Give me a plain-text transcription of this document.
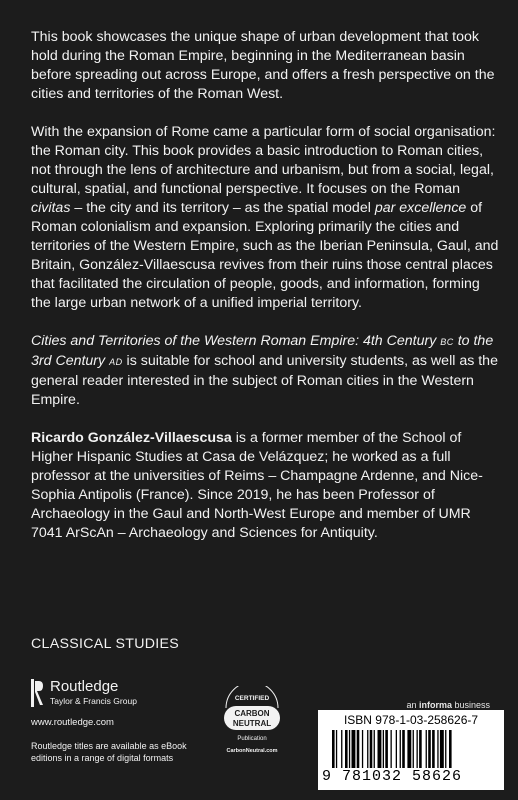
This book showcases the unique shape of urban development that took hold during the Roman Empire, beginning in the Mediterranean basin before spreading out across Europe, and offers a fresh perspective on the cities and territories of the Roman West.

With the expansion of Rome came a particular form of social organisation: the Roman city. This book provides a basic introduction to Roman cities, not through the lens of architecture and urbanism, but from a social, legal, cultural, spatial, and functional perspective. It focuses on the Roman civitas – the city and its territory – as the spatial model par excellence of Roman colonialism and expansion. Exploring primarily the cities and territories of the Western Empire, such as the Iberian Peninsula, Gaul, and Britain, González-Villaescusa revives from their ruins those central places that facilitated the circulation of people, goods, and information, forming the large urban network of a unified imperial territory.

Cities and Territories of the Western Roman Empire: 4th Century BC to the 3rd Century AD is suitable for school and university students, as well as the general reader interested in the subject of Roman cities in the Western Empire.

Ricardo González-Villaescusa is a former member of the School of Higher Hispanic Studies at Casa de Velázquez; he worked as a full professor at the universities of Reims – Champagne Ardenne, and Nice-Sophia Antipolis (France). Since 2019, he has been Professor of Archaeology in the Gaul and North-West Europe and member of UMR 7041 ArScAn – Archaeology and Sciences for Antiquity.

CLASSICAL STUDIES
an informa business
Routledge
Taylor & Francis Group
www.routledge.com
Routledge titles are available as eBook editions in a range of digital formats
CERTIFIED
CARBON
NEUTRAL
Publication
CarbonNeutral.com
ISBN 978-1-03-258626-7
9 781032 58626
